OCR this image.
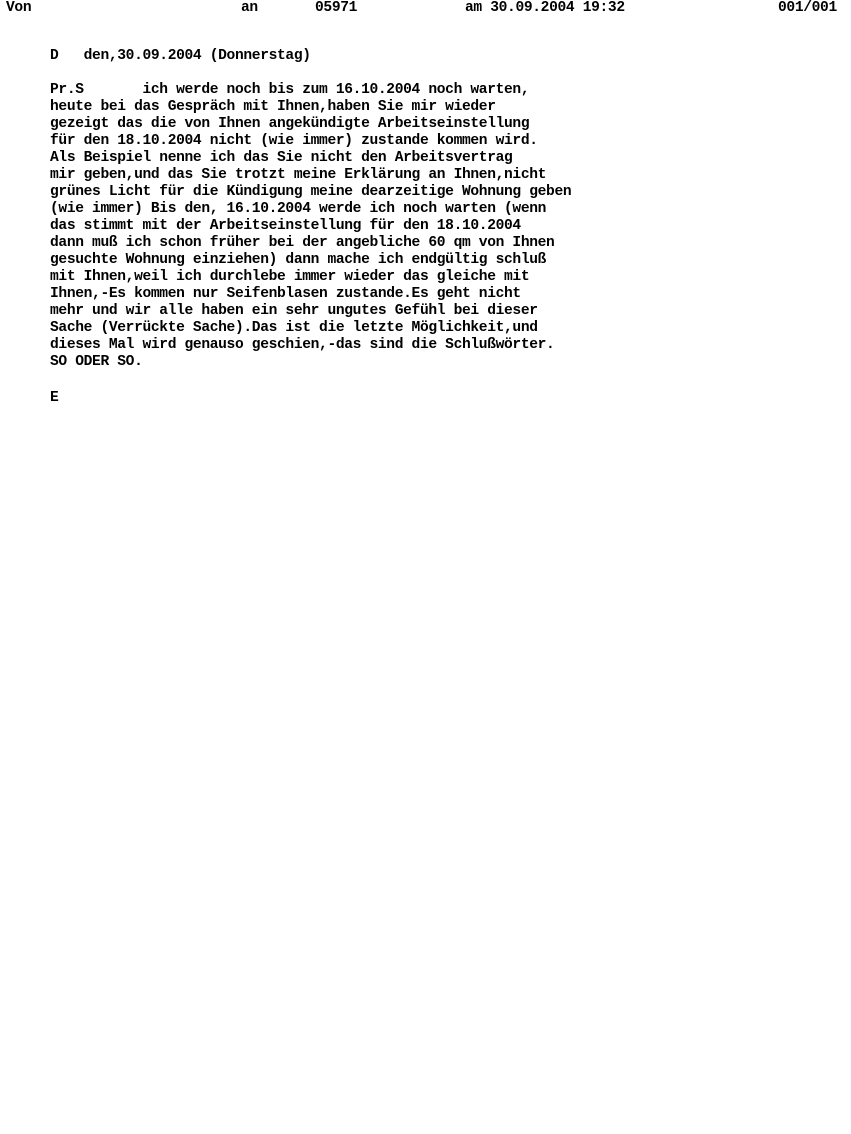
Von	an	05971	am 30.09.2004 19:32	001/001
D   den,30.09.2004 (Donnerstag)
Pr.S       ich werde noch bis zum 16.10.2004 noch warten,
heute bei das Gespräch mit Ihnen,haben Sie mir wieder
gezeigt das die von Ihnen angekündigte Arbeitseinstellung
für den 18.10.2004 nicht (wie immer) zustande kommen wird.
Als Beispiel nenne ich das Sie nicht den Arbeitsvertrag
mir geben,und das Sie trotzt meine Erklärung an Ihnen,nicht
grünes Licht für die Kündigung meine dearzeitige Wohnung geben
(wie immer) Bis den, 16.10.2004 werde ich noch warten (wenn
das stimmt mit der Arbeitseinstellung für den 18.10.2004
dann muß ich schon früher bei der angebliche 60 qm von Ihnen
gesuchte Wohnung einziehen) dann mache ich endgültig schluß
mit Ihnen,weil ich durchlebe immer wieder das gleiche mit
Ihnen,-Es kommen nur Seifenblasen zustande.Es geht nicht
mehr und wir alle haben ein sehr ungutes Gefühl bei dieser
Sache (Verrückte Sache).Das ist die letzte Möglichkeit,und
dieses Mal wird genauso geschien,-das sind die Schlußwörter.
SO ODER SO.
E
